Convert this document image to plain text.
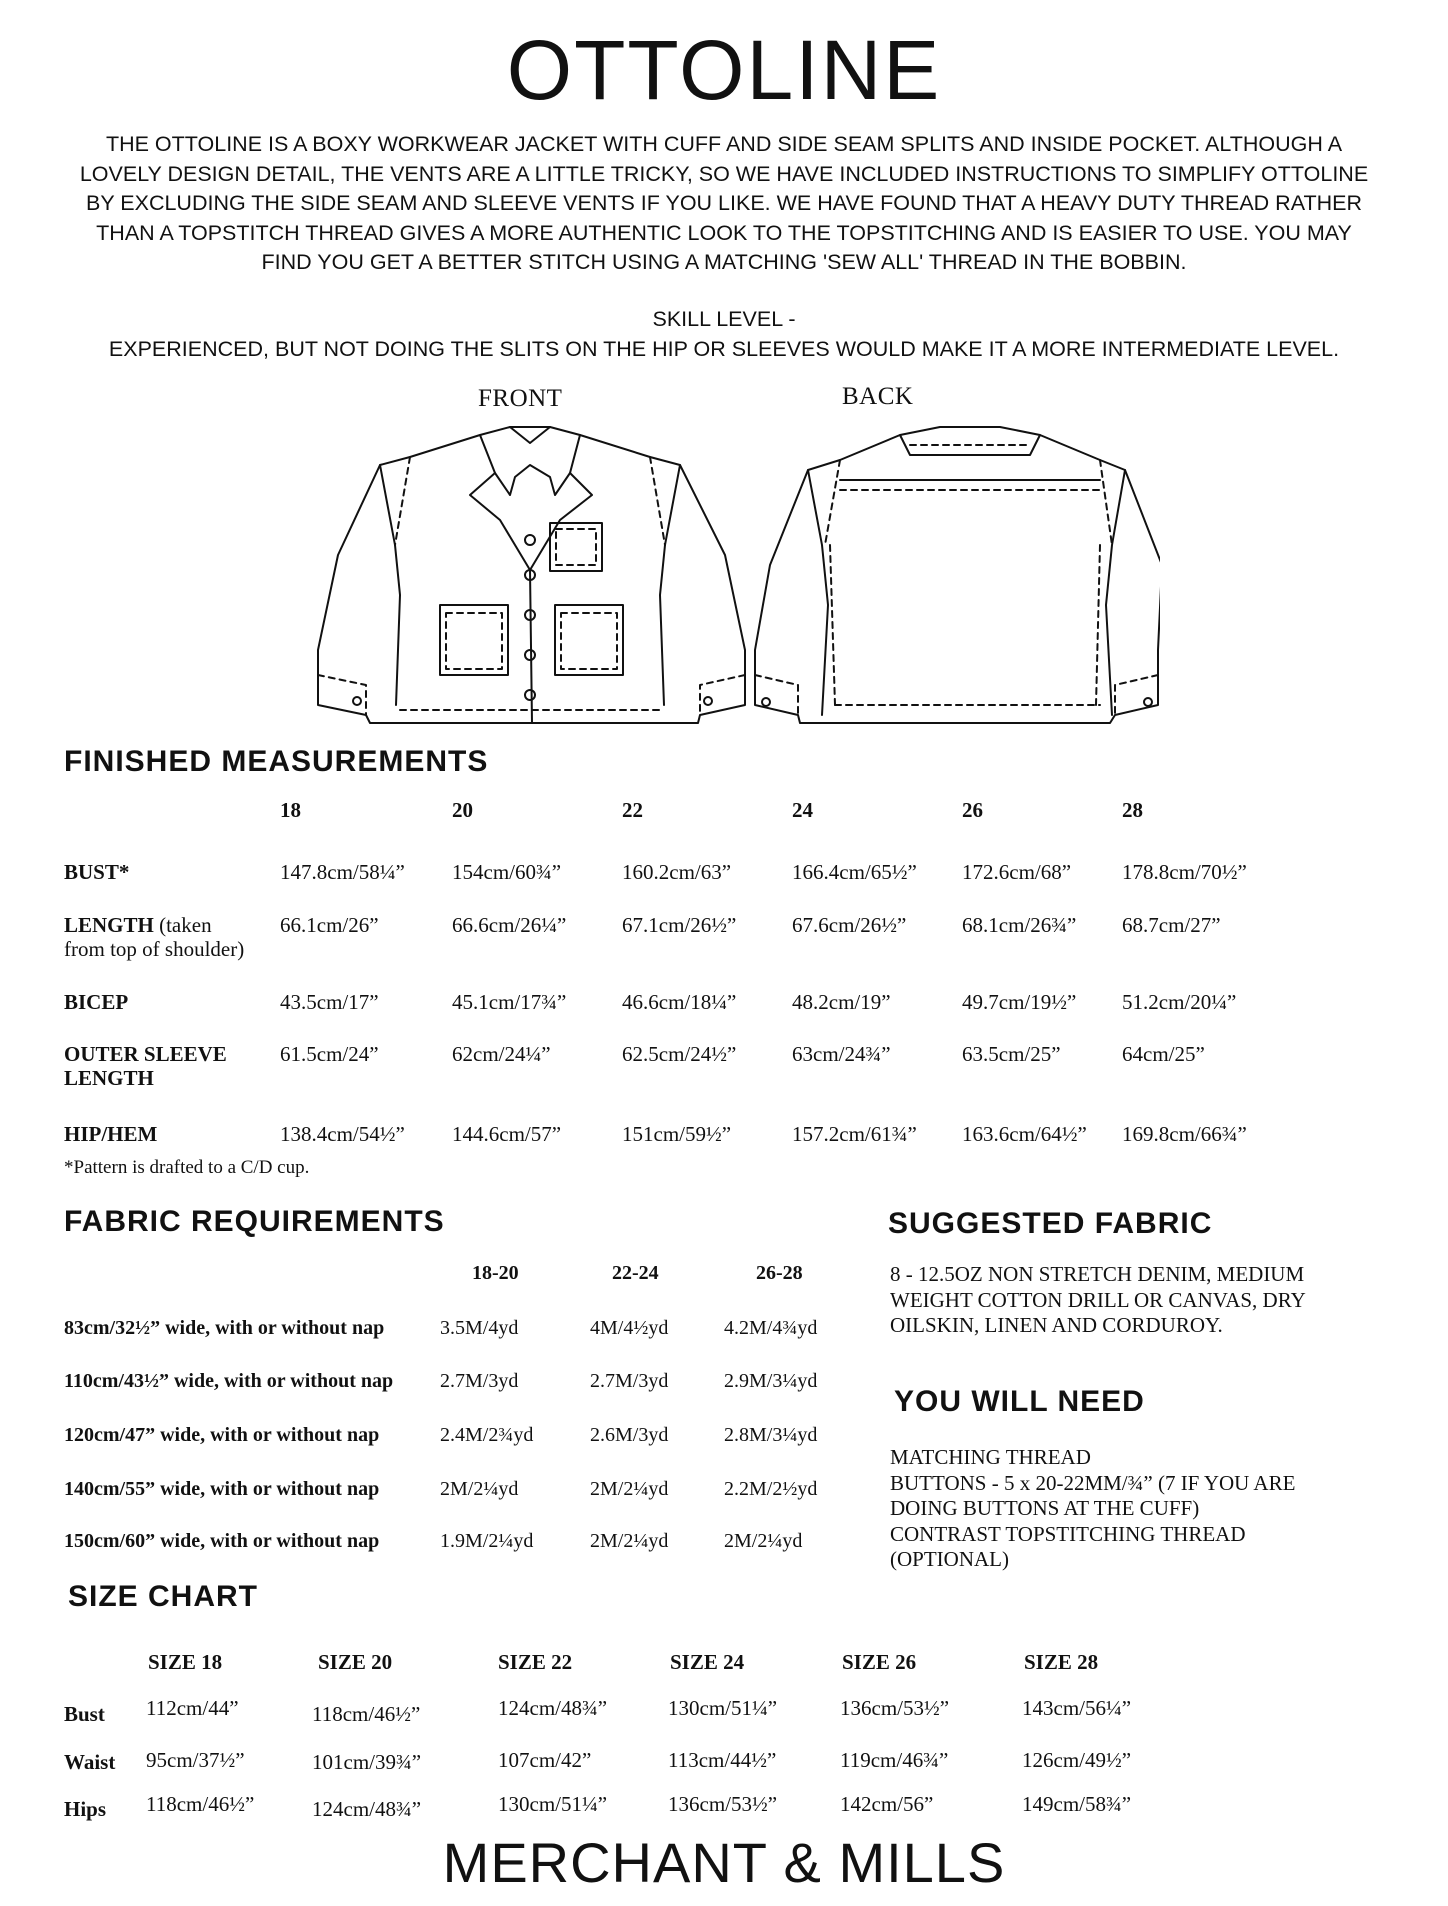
OTTOLINE
THE OTTOLINE IS A BOXY WORKWEAR JACKET WITH CUFF AND SIDE SEAM SPLITS AND INSIDE POCKET. ALTHOUGH A
LOVELY DESIGN DETAIL, THE VENTS ARE A LITTLE TRICKY, SO WE HAVE INCLUDED INSTRUCTIONS TO SIMPLIFY OTTOLINE
BY EXCLUDING THE SIDE SEAM AND SLEEVE VENTS IF YOU LIKE. WE HAVE FOUND THAT A HEAVY DUTY THREAD RATHER
THAN A TOPSTITCH THREAD GIVES A MORE AUTHENTIC LOOK TO THE TOPSTITCHING AND IS EASIER TO USE. YOU MAY
FIND YOU GET A BETTER STITCH USING A MATCHING 'SEW ALL' THREAD IN THE BOBBIN.
SKILL LEVEL -
EXPERIENCED, BUT NOT DOING THE SLITS ON THE HIP OR SLEEVES WOULD MAKE IT A MORE INTERMEDIATE LEVEL.
FRONT	BACK
FINISHED MEASUREMENTS
18	20	22	24	26	28
BUST*	147.8cm/58¼” 154cm/60¾”	160.2cm/63”	166.4cm/65½” 172.6cm/68” 178.8cm/70½”
LENGTH (taken
from top of shoulder)
66.1cm/26”	66.6cm/26¼”	67.1cm/26½”	67.6cm/26½”	68.1cm/26¾” 68.7cm/27”
BICEP	43.5cm/17”	45.1cm/17¾”	46.6cm/18¼”	48.2cm/19”	49.7cm/19½” 51.2cm/20¼”
OUTER SLEEVE
LENGTH
61.5cm/24”	62cm/24¼”	62.5cm/24½”	63cm/24¾”	63.5cm/25”	64cm/25”
HIP/HEM	138.4cm/54½” 144.6cm/57”	151cm/59½”	157.2cm/61¾” 163.6cm/64½” 169.8cm/66¾”
*Pattern is drafted to a C/D cup.
FABRIC REQUIREMENTS
18-20	22-24	26-28
83cm/32½” wide, with or without nap	3.5M/4yd	4M/4½yd	4.2M/4¾yd
110cm/43½” wide, with or without nap 2.7M/3yd	2.7M/3yd	2.9M/3¼yd
120cm/47” wide, with or without nap	2.4M/2¾yd	2.6M/3yd	2.8M/3¼yd
140cm/55” wide, with or without nap	2M/2¼yd	2M/2¼yd	2.2M/2½yd
150cm/60” wide, with or without nap	1.9M/2¼yd	2M/2¼yd	2M/2¼yd
SUGGESTED FABRIC
8 - 12.5OZ NON STRETCH DENIM, MEDIUM
WEIGHT COTTON DRILL OR CANVAS, DRY
OILSKIN, LINEN AND CORDUROY.
YOU WILL NEED
MATCHING THREAD
BUTTONS - 5 x 20-22MM/¾” (7 IF YOU ARE
DOING BUTTONS AT THE CUFF)
CONTRAST TOPSTITCHING THREAD
(OPTIONAL)
SIZE CHART
SIZE 18	SIZE 20	SIZE 22	SIZE 24	SIZE 26	SIZE 28
Bust 112cm/44”	118cm/46½”	124cm/48¾”	130cm/51¼”	136cm/53½”	143cm/56¼”
Waist 95cm/37½”	101cm/39¾”	107cm/42”	113cm/44½”	119cm/46¾”	126cm/49½”
Hips 118cm/46½”	124cm/48¾”	130cm/51¼”	136cm/53½”	142cm/56”	149cm/58¾”
MERCHANT & MILLS
